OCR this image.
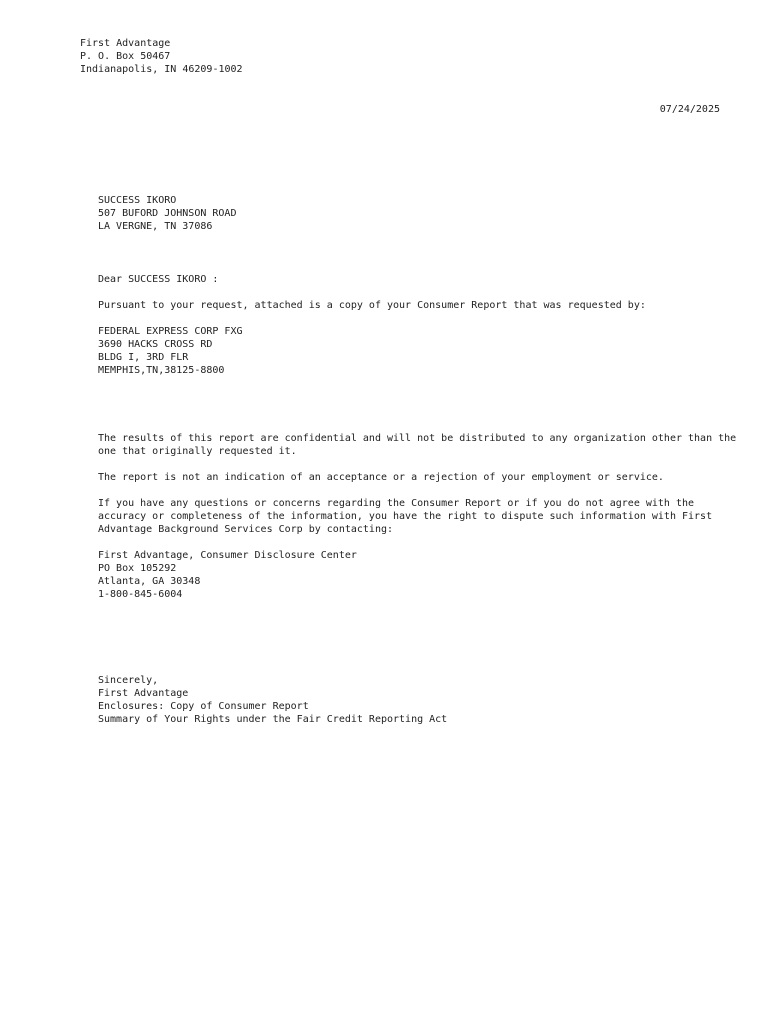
First Advantage
P. O. Box 50467
Indianapolis, IN 46209-1002
07/24/2025
SUCCESS IKORO
507 BUFORD JOHNSON ROAD
LA VERGNE, TN 37086
Dear SUCCESS IKORO :
Pursuant to your request, attached is a copy of your Consumer Report that was requested by:
FEDERAL EXPRESS CORP FXG
3690 HACKS CROSS RD
BLDG I, 3RD FLR
MEMPHIS,TN,38125-8800
The results of this report are confidential and will not be distributed to any organization other than the
one that originally requested it.
The report is not an indication of an acceptance or a rejection of your employment or service.
If you have any questions or concerns regarding the Consumer Report or if you do not agree with the
accuracy or completeness of the information, you have the right to dispute such information with First
Advantage Background Services Corp by contacting:
First Advantage, Consumer Disclosure Center
PO Box 105292
Atlanta, GA 30348
1-800-845-6004
Sincerely,
First Advantage
Enclosures: Copy of Consumer Report
Summary of Your Rights under the Fair Credit Reporting Act
